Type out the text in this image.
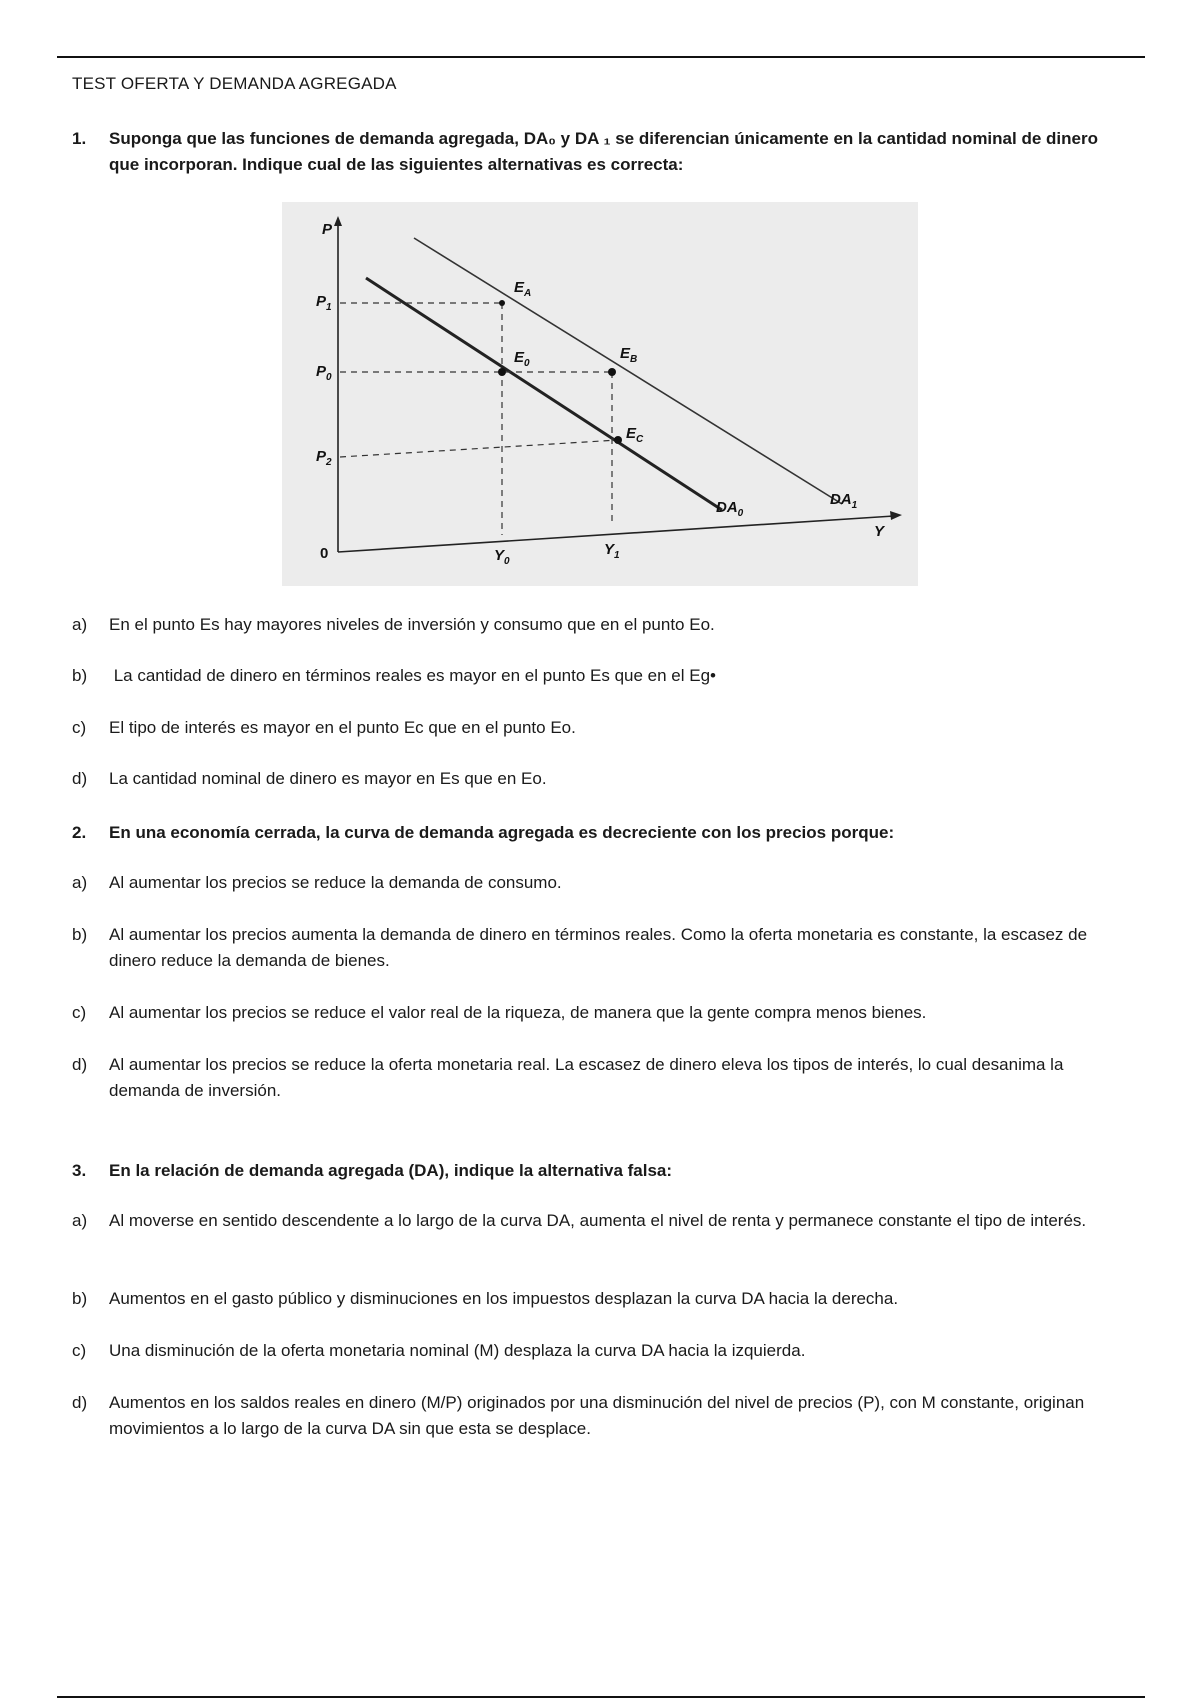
TEST OFERTA Y DEMANDA AGREGADA
1. Suponga que las funciones de demanda agregada, DA₀ y DA ₁ se diferencian únicamente en la cantidad nominal de dinero que incorporan. Indique cual de las siguientes alternativas es correcta:
P
Y
0
$P_1$
$P_0$
$P_2$
$Y_0$
$Y_1$
$E_A$
$E_0$
$E_B$
$E_C$
$DA_0$
$DA_1$
a) En el punto Es hay mayores niveles de inversión y consumo que en el punto Eo.
b) La cantidad de dinero en términos reales es mayor en el punto Es que en el Eg•
c) El tipo de interés es mayor en el punto Ec que en el punto Eo.
d) La cantidad nominal de dinero es mayor en Es que en Eo.
2. En una economía cerrada, la curva de demanda agregada es decreciente con los precios porque:
a) Al aumentar los precios se reduce la demanda de consumo.
b) Al aumentar los precios aumenta la demanda de dinero en términos reales. Como la oferta monetaria es constante, la escasez de dinero reduce la demanda de bienes.
c) Al aumentar los precios se reduce el valor real de la riqueza, de manera que la gente compra menos bienes.
d) Al aumentar los precios se reduce la oferta monetaria real. La escasez de dinero eleva los tipos de interés, lo cual desanima la demanda de inversión.
3. En la relación de demanda agregada (DA), indique la alternativa falsa:
a) Al moverse en sentido descendente a lo largo de la curva DA, aumenta el nivel de renta y permanece constante el tipo de interés.
b) Aumentos en el gasto público y disminuciones en los impuestos desplazan la curva DA hacia la derecha.
c) Una disminución de la oferta monetaria nominal (M) desplaza la curva DA hacia la izquierda.
d) Aumentos en los saldos reales en dinero (M/P) originados por una disminución del nivel de precios (P), con M constante, originan movimientos a lo largo de la curva DA sin que esta se desplace.
